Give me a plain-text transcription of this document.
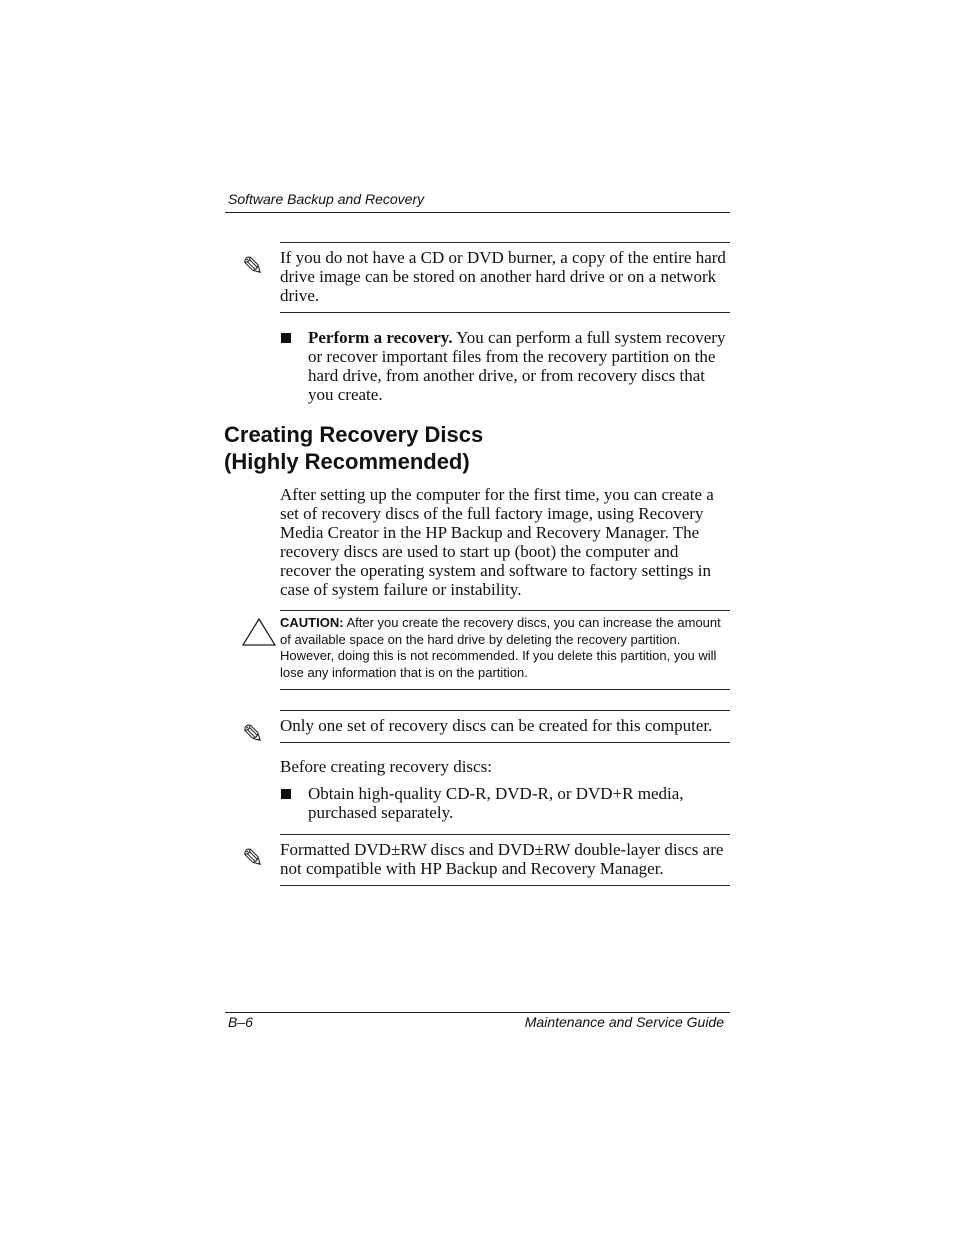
Software Backup and Recovery
✎ If you do not have a CD or DVD burner, a copy of the entire hard drive image can be stored on another hard drive or on a network drive.
Perform a recovery. You can perform a full system recovery or recover important files from the recovery partition on the hard drive, from another drive, or from recovery discs that you create.
Creating Recovery Discs
(Highly Recommended)
After setting up the computer for the first time, you can create a set of recovery discs of the full factory image, using Recovery Media Creator in the HP Backup and Recovery Manager. The recovery discs are used to start up (boot) the computer and recover the operating system and software to factory settings in case of system failure or instability.
CAUTION: After you create the recovery discs, you can increase the amount of available space on the hard drive by deleting the recovery partition. However, doing this is not recommended. If you delete this partition, you will lose any information that is on the partition.
✎ Only one set of recovery discs can be created for this computer.
Before creating recovery discs:
Obtain high-quality CD-R, DVD-R, or DVD+R media, purchased separately.
✎ Formatted DVD±RW discs and DVD±RW double-layer discs are not compatible with HP Backup and Recovery Manager.
B–6	Maintenance and Service Guide
